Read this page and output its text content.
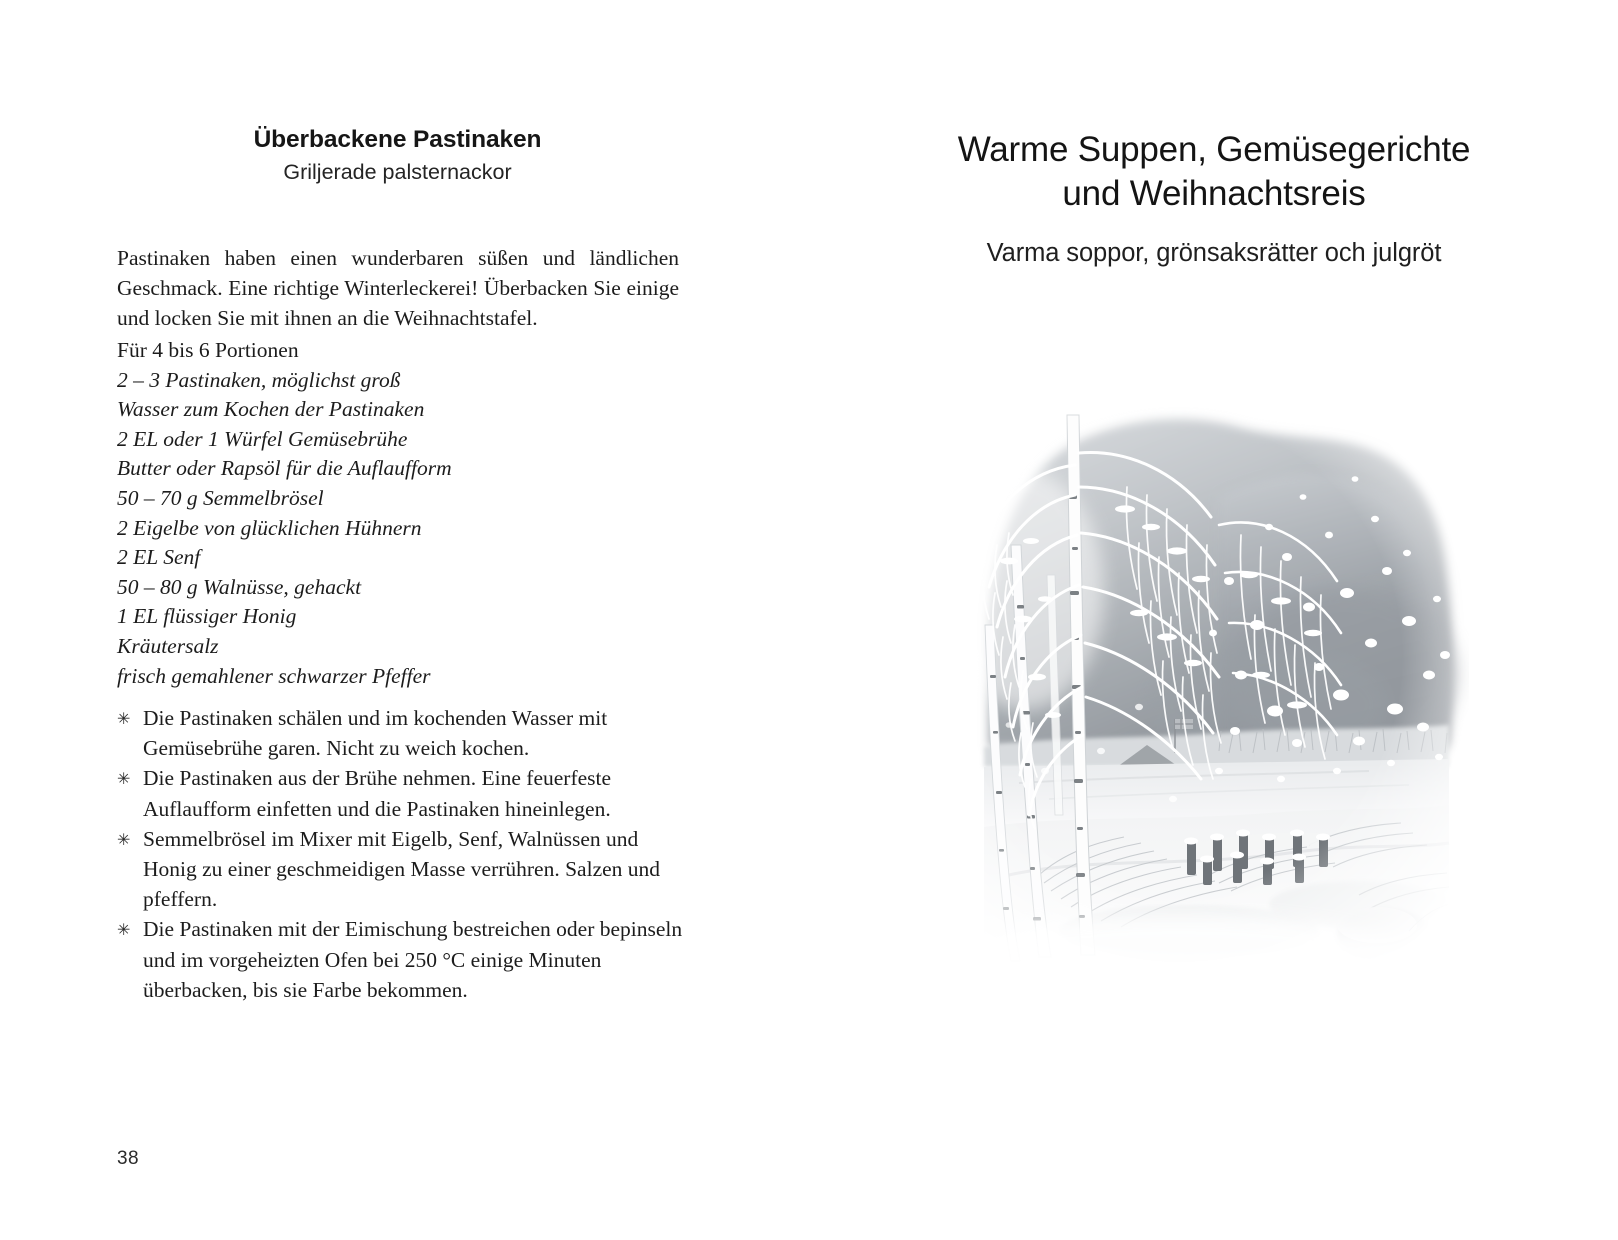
Überbackene Pastinaken
Griljerade palsternackor

Pastinaken haben einen wunderbaren süßen und ländlichen Geschmack. Eine richtige Winterleckerei! Überbacken Sie einige und locken Sie mit ihnen an die Weihnachtstafel.

Für 4 bis 6 Portionen
2 – 3 Pastinaken, möglichst groß
Wasser zum Kochen der Pastinaken
2 EL oder 1 Würfel Gemüsebrühe
Butter oder Rapsöl für die Auflaufform
50 – 70 g Semmelbrösel
2 Eigelbe von glücklichen Hühnern
2 EL Senf
50 – 80 g Walnüsse, gehackt
1 EL flüssiger Honig
Kräutersalz
frisch gemahlener schwarzer Pfeffer
✳ Die Pastinaken schälen und im kochenden Wasser mit Gemüsebrühe garen. Nicht zu weich kochen.
✳ Die Pastinaken aus der Brühe nehmen. Eine feuerfeste Auflaufform einfetten und die Pastinaken hineinlegen.
✳ Semmelbrösel im Mixer mit Eigelb, Senf, Walnüssen und Honig zu einer geschmeidigen Masse verrühren. Salzen und pfeffern.
✳ Die Pastinaken mit der Eimischung bestreichen oder bepinseln und im vorgeheizten Ofen bei 250 °C einige Minuten überbacken, bis sie Farbe bekommen.
38
Warme Suppen, Gemüsegerichte
und Weihnachtsreis
Varma soppor, grönsaksrätter och julgröt
